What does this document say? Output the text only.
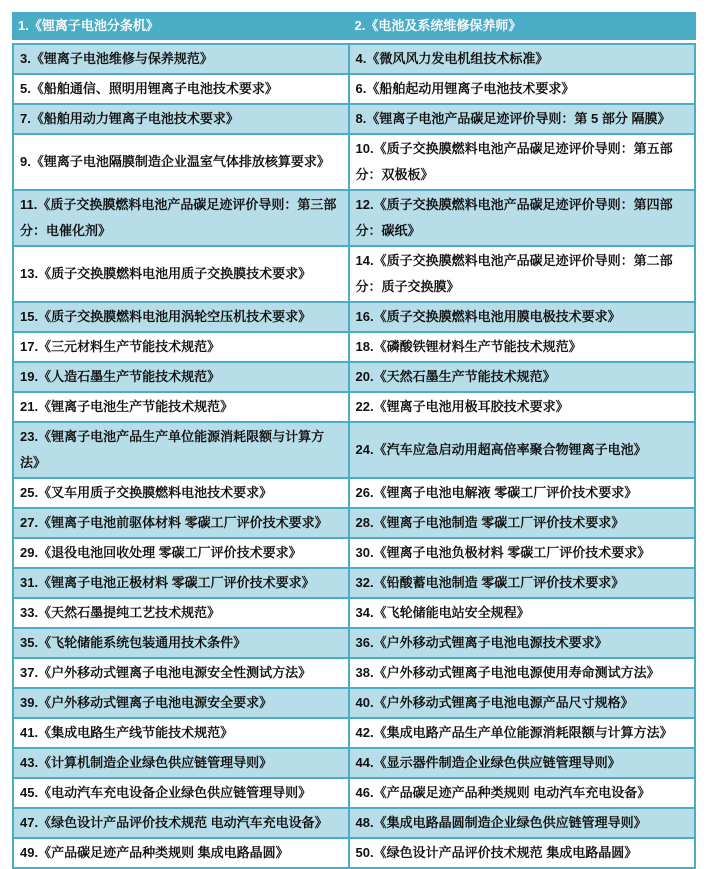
1.《锂离子电池分条机》	2.《电池及系统维修保养师》
3.《锂离子电池维修与保养规范》	4.《微风风力发电机组技术标准》
5.《船舶通信、照明用锂离子电池技术要求》	6.《船舶起动用锂离子电池技术要求》
7.《船舶用动力锂离子电池技术要求》	8.《锂离子电池产品碳足迹评价导则：第 5 部分 隔膜》
9.《锂离子电池隔膜制造企业温室气体排放核算要求》	10.《质子交换膜燃料电池产品碳足迹评价导则：第五部分：双极板》
11.《质子交换膜燃料电池产品碳足迹评价导则：第三部分：电催化剂》	12.《质子交换膜燃料电池产品碳足迹评价导则：第四部分：碳纸》
13.《质子交换膜燃料电池用质子交换膜技术要求》	14.《质子交换膜燃料电池产品碳足迹评价导则：第二部分：质子交换膜》
15.《质子交换膜燃料电池用涡轮空压机技术要求》	16.《质子交换膜燃料电池用膜电极技术要求》
17.《三元材料生产节能技术规范》	18.《磷酸铁锂材料生产节能技术规范》
19.《人造石墨生产节能技术规范》	20.《天然石墨生产节能技术规范》
21.《锂离子电池生产节能技术规范》	22.《锂离子电池用极耳胶技术要求》
23.《锂离子电池产品生产单位能源消耗限额与计算方法》	24.《汽车应急启动用超高倍率聚合物锂离子电池》
25.《叉车用质子交换膜燃料电池技术要求》	26.《锂离子电池电解液 零碳工厂评价技术要求》
27.《锂离子电池前驱体材料 零碳工厂评价技术要求》	28.《锂离子电池制造 零碳工厂评价技术要求》
29.《退役电池回收处理 零碳工厂评价技术要求》	30.《锂离子电池负极材料 零碳工厂评价技术要求》
31.《锂离子电池正极材料 零碳工厂评价技术要求》	32.《铅酸蓄电池制造 零碳工厂评价技术要求》
33.《天然石墨提纯工艺技术规范》	34.《飞轮储能电站安全规程》
35.《飞轮储能系统包装通用技术条件》	36.《户外移动式锂离子电池电源技术要求》
37.《户外移动式锂离子电池电源安全性测试方法》	38.《户外移动式锂离子电池电源使用寿命测试方法》
39.《户外移动式锂离子电池电源安全要求》	40.《户外移动式锂离子电池电源产品尺寸规格》
41.《集成电路生产线节能技术规范》	42.《集成电路产品生产单位能源消耗限额与计算方法》
43.《计算机制造企业绿色供应链管理导则》	44.《显示器件制造企业绿色供应链管理导则》
45.《电动汽车充电设备企业绿色供应链管理导则》	46.《产品碳足迹产品种类规则 电动汽车充电设备》
47.《绿色设计产品评价技术规范 电动汽车充电设备》	48.《集成电路晶圆制造企业绿色供应链管理导则》
49.《产品碳足迹产品种类规则 集成电路晶圆》	50.《绿色设计产品评价技术规范 集成电路晶圆》
